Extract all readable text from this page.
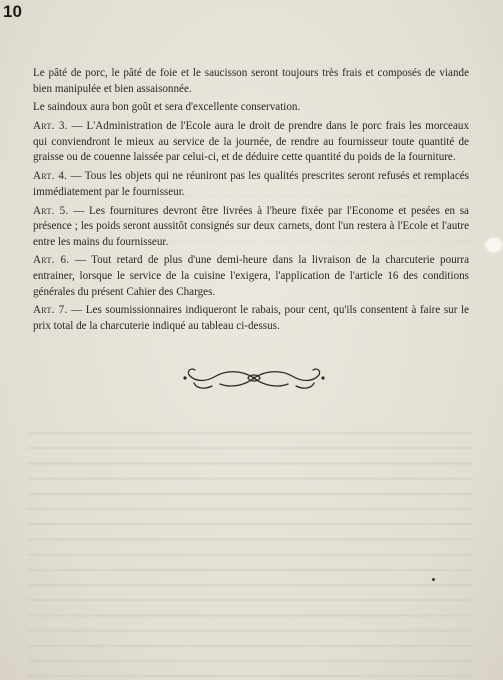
10

Le pâté de porc, le pâté de foie et le saucisson seront toujours très frais et composés de viande bien manipulée et bien assaisonnée.

Le saindoux aura bon goût et sera d'excellente conservation.

Art. 3. — L'Administration de l'Ecole aura le droit de prendre dans le porc frais les morceaux qui conviendront le mieux au service de la journée, de rendre au fournisseur toute quantité de graisse ou de couenne laissée par celui-ci, et de déduire cette quantité du poids de la fourniture.

Art. 4. — Tous les objets qui ne réuniront pas les qualités prescrites seront refusés et remplacés immédiatement par le fournisseur.

Art. 5. — Les fournitures devront être livrées à l'heure fixée par l'Econome et pesées en sa présence ; les poids seront aussitôt consignés sur deux carnets, dont l'un restera à l'Ecole et l'autre entre les mains du fournisseur.

Art. 6. — Tout retard de plus d'une demi-heure dans la livraison de la charcuterie pourra entrainer, lorsque le service de la cuisine l'exigera, l'application de l'article 16 des conditions générales du présent Cahier des Charges.

Art. 7. — Les soumissionnaires indiqueront le rabais, pour cent, qu'ils consentent à faire sur le prix total de la charcuterie indiqué au tableau ci-dessus.
